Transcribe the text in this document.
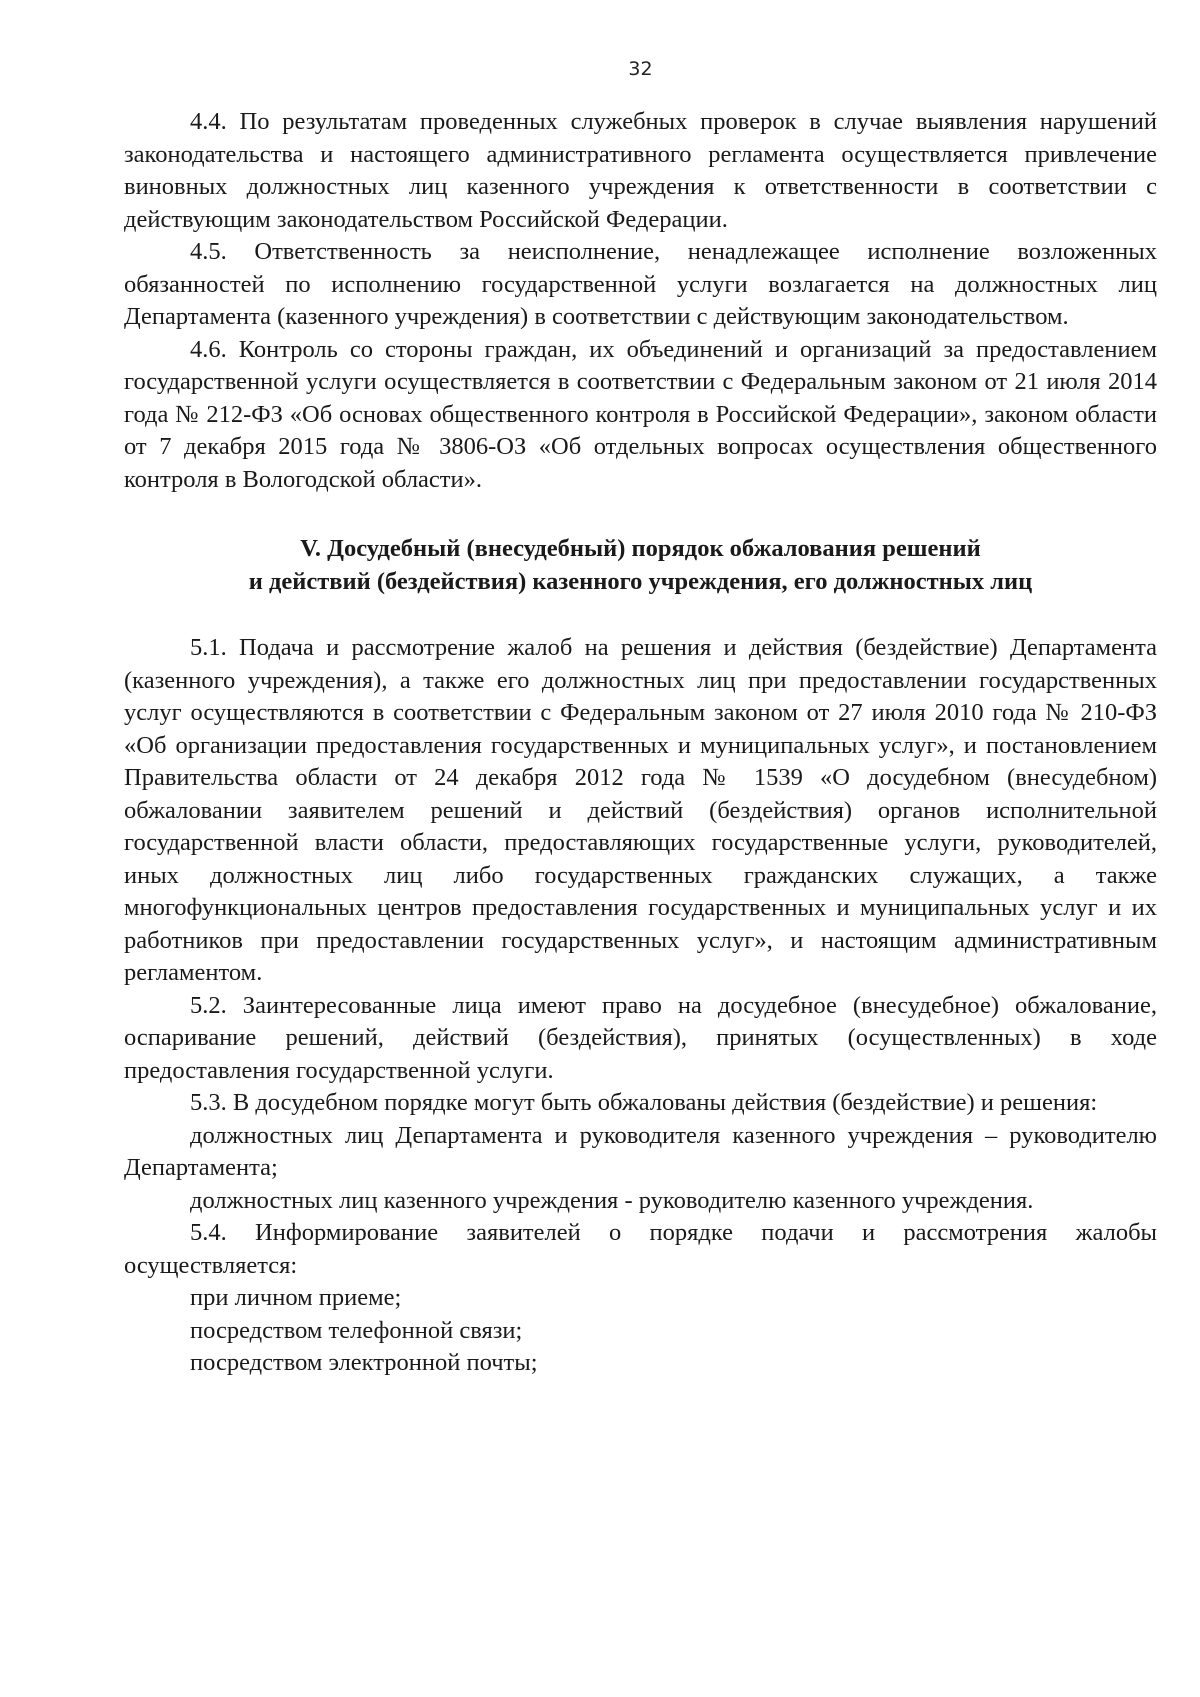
32

4.4. По результатам проведенных служебных проверок в случае выявления нарушений законодательства и настоящего административного регламента осуществляется привлечение виновных должностных лиц казенного учреждения к ответственности в соответствии с действующим законодательством Российской Федерации.

4.5. Ответственность за неисполнение, ненадлежащее исполнение возложенных обязанностей по исполнению государственной услуги возлагается на должностных лиц Департамента (казенного учреждения) в соответствии с действующим законодательством.

4.6. Контроль со стороны граждан, их объединений и организаций за предоставлением государственной услуги осуществляется в соответствии с Федеральным законом от 21 июля 2014 года № 212-ФЗ «Об основах общественного контроля в Российской Федерации», законом области от 7 декабря 2015 года № 3806-ОЗ «Об отдельных вопросах осуществления общественного контроля в Вологодской области».

V. Досудебный (внесудебный) порядок обжалования решений
и действий (бездействия) казенного учреждения, его должностных лиц

5.1. Подача и рассмотрение жалоб на решения и действия (бездействие) Департамента (казенного учреждения), а также его должностных лиц при предоставлении государственных услуг осуществляются в соответствии с Федеральным законом от 27 июля 2010 года № 210-ФЗ «Об организации предоставления государственных и муниципальных услуг», и постановлением Правительства области от 24 декабря 2012 года № 1539 «О досудебном (внесудебном) обжаловании заявителем решений и действий (бездействия) органов исполнительной государственной власти области, предоставляющих государственные услуги, руководителей, иных должностных лиц либо государственных гражданских служащих, а также многофункциональных центров предоставления государственных и муниципальных услуг и их работников при предоставлении государственных услуг», и настоящим административным регламентом.

5.2. Заинтересованные лица имеют право на досудебное (внесудебное) обжалование, оспаривание решений, действий (бездействия), принятых (осуществленных) в ходе предоставления государственной услуги.

5.3. В досудебном порядке могут быть обжалованы действия (бездействие) и решения:

должностных лиц Департамента и руководителя казенного учреждения – руководителю Департамента;

должностных лиц казенного учреждения - руководителю казенного учреждения.

5.4. Информирование заявителей о порядке подачи и рассмотрения жалобы осуществляется:

при личном приеме;

посредством телефонной связи;

посредством электронной почты;
